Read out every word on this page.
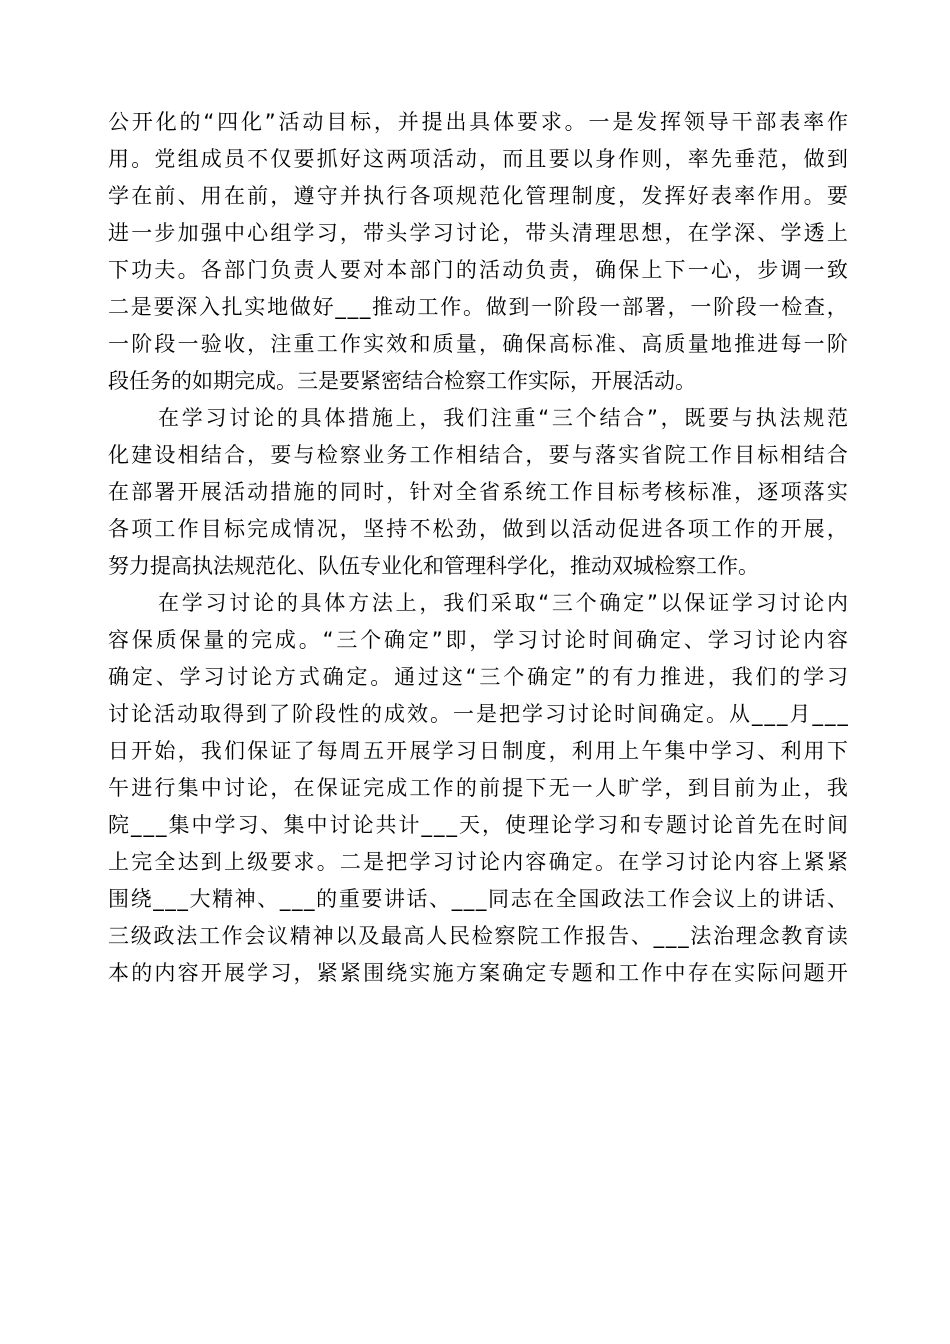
公 开 化 的 “ 四 化 ” 活 动 目 标 ， 并 提 出 具 体 要 求 。 一 是 发 挥 领 导 干 部 表 率 作
用 。 党 组 成 员 不 仅 要 抓 好 这 两 项 活 动 ， 而 且 要 以 身 作 则 ， 率 先 垂 范 ， 做 到
学 在 前 、 用 在 前 ， 遵 守 并 执 行 各 项 规 范 化 管 理 制 度 ， 发 挥 好 表 率 作 用 。 要
进 一 步 加 强 中 心 组 学 习 ， 带 头 学 习 讨 论 ， 带 头 清 理 思 想 ， 在 学 深 、 学 透 上
下 功 夫 。 各 部 门 负 责 人 要 对 本 部 门 的 活 动 负 责 ， 确 保 上 下 一 心 ， 步 调 一 致
二 是 要 深 入 扎 实 地 做 好 _ _ _ 推 动 工 作 。 做 到 一 阶 段 一 部 署 ， 一 阶 段 一 检 查 ，
一 阶 段 一 验 收 ， 注 重 工 作 实 效 和 质 量 ， 确 保 高 标 准 、 高 质 量 地 推 进 每 一 阶
段任务的如期完成。三是要紧密结合检察工作实际，开展活动。
在 学 习 讨 论 的 具 体 措 施 上 ， 我 们 注 重 “ 三 个 结 合 ” ， 既 要 与 执 法 规 范
化 建 设 相 结 合 ， 要 与 检 察 业 务 工 作 相 结 合 ， 要 与 落 实 省 院 工 作 目 标 相 结 合
在 部 署 开 展 活 动 措 施 的 同 时 ， 针 对 全 省 系 统 工 作 目 标 考 核 标 准 ， 逐 项 落 实
各 项 工 作 目 标 完 成 情 况 ， 坚 持 不 松 劲 ， 做 到 以 活 动 促 进 各 项 工 作 的 开 展 ，
努力提高执法规范化、队伍专业化和管理科学化，推动双城检察工作。
在 学 习 讨 论 的 具 体 方 法 上 ， 我 们 采 取 “ 三 个 确 定 ” 以 保 证 学 习 讨 论 内
容 保 质 保 量 的 完 成 。 “ 三 个 确 定 ” 即 ， 学 习 讨 论 时 间 确 定 、 学 习 讨 论 内 容
确 定 、 学 习 讨 论 方 式 确 定 。 通 过 这 “ 三 个 确 定 ” 的 有 力 推 进 ， 我 们 的 学 习
讨 论 活 动 取 得 到 了 阶 段 性 的 成 效 。 一 是 把 学 习 讨 论 时 间 确 定 。 从 _ _ _ 月 _ _ _
日 开 始 ， 我 们 保 证 了 每 周 五 开 展 学 习 日 制 度 ， 利 用 上 午 集 中 学 习 、 利 用 下
午 进 行 集 中 讨 论 ， 在 保 证 完 成 工 作 的 前 提 下 无 一 人 旷 学 ， 到 目 前 为 止 ， 我
院 _ _ _ 集 中 学 习 、 集 中 讨 论 共 计 _ _ _ 天 ， 使 理 论 学 习 和 专 题 讨 论 首 先 在 时 间
上 完 全 达 到 上 级 要 求 。 二 是 把 学 习 讨 论 内 容 确 定 。 在 学 习 讨 论 内 容 上 紧 紧
围 绕 _ _ _ 大 精 神 、 _ _ _ 的 重 要 讲 话 、 _ _ _ 同 志 在 全 国 政 法 工 作 会 议 上 的 讲 话 、
三 级 政 法 工 作 会 议 精 神 以 及 最 高 人 民 检 察 院 工 作 报 告 、 _ _ _ 法 治 理 念 教 育 读
本 的 内 容 开 展 学 习 ， 紧 紧 围 绕 实 施 方 案 确 定 专 题 和 工 作 中 存 在 实 际 问 题 开
